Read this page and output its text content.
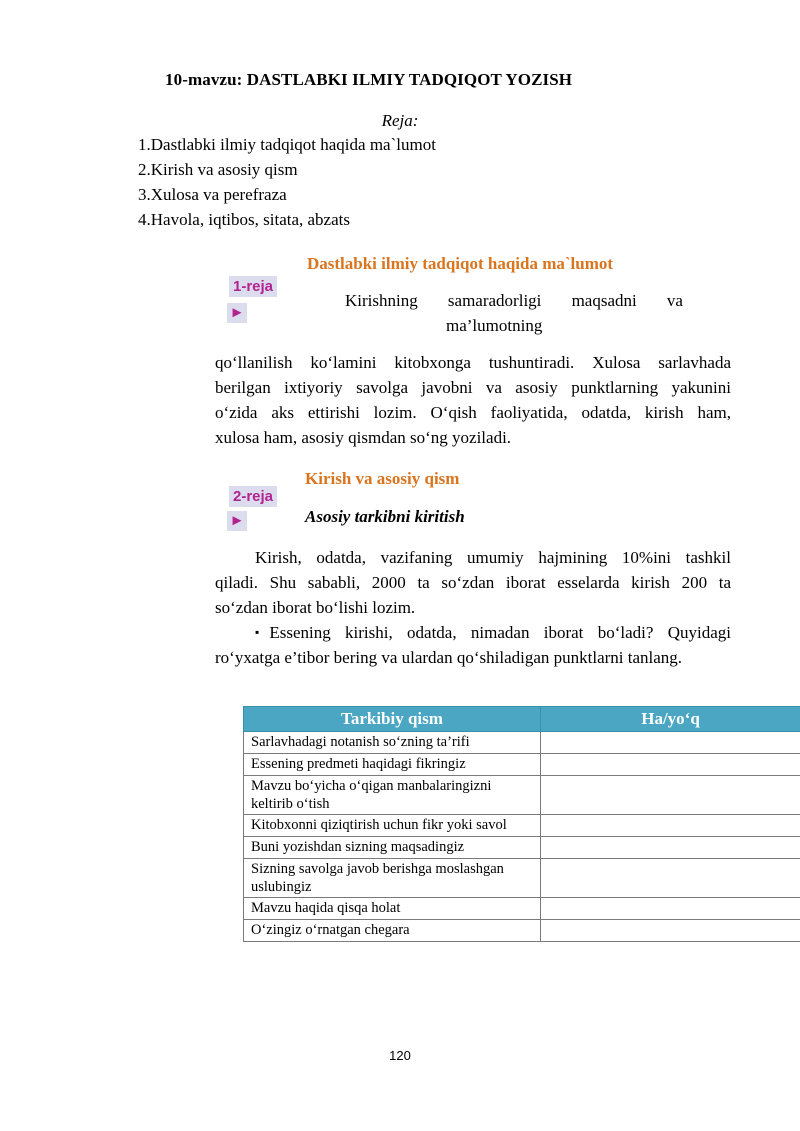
10-mavzu: DASTLABKI ILMIY TADQIQOT YOZISH
Reja:
1.Dastlabki ilmiy tadqiqot haqida ma`lumot
2.Kirish va asosiy qism
3.Xulosa va perefraza
4.Havola, iqtibos, sitata, abzats
Dastlabki ilmiy tadqiqot haqida ma`lumot
1-reja
►
Kirishning samaradorligi maqsadni va
ma’lumotning
qo‘llanilish ko‘lamini kitobxonga tushuntiradi. Xulosa sarlavhada
berilgan ixtiyoriy savolga javobni va asosiy punktlarning yakunini
o‘zida aks ettirishi lozim. O‘qish faoliyatida, odatda, kirish ham,
xulosa ham, asosiy qismdan so‘ng yoziladi.
Kirish va asosiy qism
2-reja
►	Asosiy tarkibni kiritish
Kirish, odatda, vazifaning umumiy hajmining 10%ini tashkil
qiladi. Shu sababli, 2000 ta so‘zdan iborat esselarda kirish 200 ta
so‘zdan iborat bo‘lishi lozim.
▪Essening kirishi, odatda, nimadan iborat bo‘ladi? Quyidagi
ro‘yxatga e’tibor bering va ulardan qo‘shiladigan punktlarni tanlang.
Tarkibiy qism	Ha/yo‘q
Sarlavhadagi notanish so‘zning ta’rifi	
Essening predmeti haqidagi fikringiz	
Mavzu bo‘yicha o‘qigan manbalaringizni keltirib o‘tish	
Kitobxonni qiziqtirish uchun fikr yoki savol	
Buni yozishdan sizning maqsadingiz	
Sizning savolga javob berishga moslashgan uslubingiz	
Mavzu haqida qisqa holat	
O‘zingiz o‘rnatgan chegara	
120
